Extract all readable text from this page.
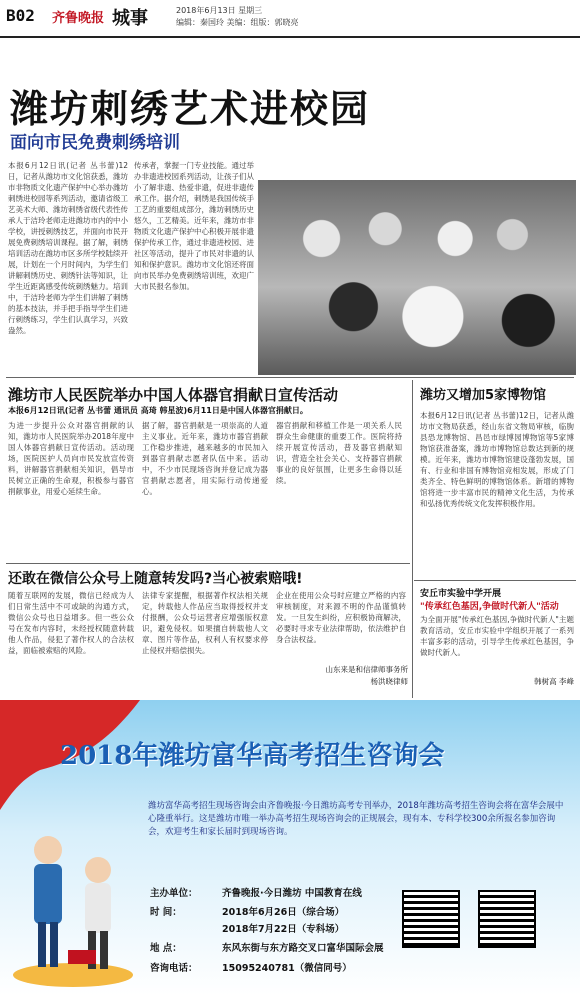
B02 齐鲁晚报 城事	2018年6月13日 星期三
编辑：秦国玲 美编：组版：郭晓亮
潍坊刺绣艺术进校园
面向市民免费刺绣培训
本报6月12日讯(记者 丛书蕾)12日，记者从潍坊市文化馆获悉，潍坊市非物质文化遗产保护中心举办潍坊刺绣进校园等系列活动，邀请省级工艺美术大师、潍坊刺绣省级代表性传承人于洁玲老师走进潍坊市内的中小学校，讲授刺绣技艺，并面向市民开展免费刺绣培训课程。据了解，刺绣培训活动在潍坊市区多所学校陆续开展，计划在一个月时间内，为学生们讲解刺绣历史、刺绣针法等知识，让学生近距离感受传统刺绣魅力。培训中，于洁玲老师为学生们讲解了刺绣的基本技法，并手把手指导学生们进行刺绣练习，学生们认真学习，兴致盎然。
传承者，掌握一门专业技能。通过举办非遗进校园系列活动，让孩子们从小了解非遗、热爱非遗，促进非遗传承工作。据介绍，刺绣是我国传统手工艺的重要组成部分，潍坊刺绣历史悠久，工艺精美。近年来，潍坊市非物质文化遗产保护中心积极开展非遗保护传承工作，通过非遗进校园、进社区等活动，提升了市民对非遗的认知和保护意识。潍坊市文化馆还将面向市民举办免费刺绣培训班，欢迎广大市民报名参加。
潍坊市人民医院举办中国人体器官捐献日宣传活动
本报6月12日讯(记者 丛书蕾 通讯员 高琦 韩星波)6月11日是中国人体器官捐献日。
为进一步提升公众对器官捐献的认知，潍坊市人民医院举办2018年度中国人体器官捐献日宣传活动。活动现场，医院医护人员向市民发放宣传资料，讲解器官捐献相关知识，倡导市民树立正确的生命观，积极参与器官捐献事业，用爱心延续生命。
据了解，器官捐献是一项崇高的人道主义事业。近年来，潍坊市器官捐献工作稳步推进，越来越多的市民加入到器官捐献志愿者队伍中来。活动中，不少市民现场咨询并登记成为器官捐献志愿者，用实际行动传递爱心。
器官捐献和移植工作是一项关系人民群众生命健康的重要工作。医院将持续开展宣传活动，普及器官捐献知识，营造全社会关心、支持器官捐献事业的良好氛围，让更多生命得以延续。
潍坊又增加5家博物馆
本报6月12日讯(记者 丛书蕾)12日，记者从潍坊市文物局获悉，经山东省文物局审核，临朐县恐龙博物馆、昌邑市绿博园博物馆等5家博物馆获准备案，潍坊市博物馆总数达到新的规模。近年来，潍坊市博物馆建设蓬勃发展，国有、行业和非国有博物馆竞相发展，形成了门类齐全、特色鲜明的博物馆体系。新增的博物馆将进一步丰富市民的精神文化生活，为传承和弘扬优秀传统文化发挥积极作用。
还敢在微信公众号上随意转发吗?当心被索赔哦!
随着互联网的发展，微信已经成为人们日常生活中不可或缺的沟通方式，微信公众号也日益增多。但一些公众号在发布内容时，未经授权随意转载他人作品，侵犯了著作权人的合法权益，面临被索赔的风险。
法律专家提醒，根据著作权法相关规定，转载他人作品应当取得授权并支付报酬，公众号运营者应增强版权意识，避免侵权。如果擅自转载他人文章、图片等作品，权利人有权要求停止侵权并赔偿损失。
企业在使用公众号时应建立严格的内容审核制度，对来源不明的作品谨慎转发。一旦发生纠纷，应积极协商解决，必要时寻求专业法律帮助，依法维护自身合法权益。
山东来是和信律师事务所
杨洪晓律师
安丘市实验中学开展
"传承红色基因,争做时代新人"活动
为全面开展"传承红色基因,争做时代新人"主题教育活动，安丘市实验中学组织开展了一系列丰富多彩的活动，引导学生传承红色基因，争做时代新人。
韩树高 李峰
2018年潍坊富华高考招生咨询会
潍坊富华高考招生现场咨询会由齐鲁晚报·今日潍坊高考专刊举办，2018年潍坊高考招生咨询会将在富华会展中心隆重举行。这是潍坊市唯一举办高考招生现场咨询会的正规展会，现有本、专科学校300余所报名参加咨询会，欢迎考生和家长届时到现场咨询。
主办单位：	齐鲁晚报·今日潍坊 中国教育在线
时 间：	2018年6月26日（综合场）
2018年7月22日（专科场）
地 点：	东风东街与东方路交叉口富华国际会展
咨询电话：	15095240781（微信同号）
